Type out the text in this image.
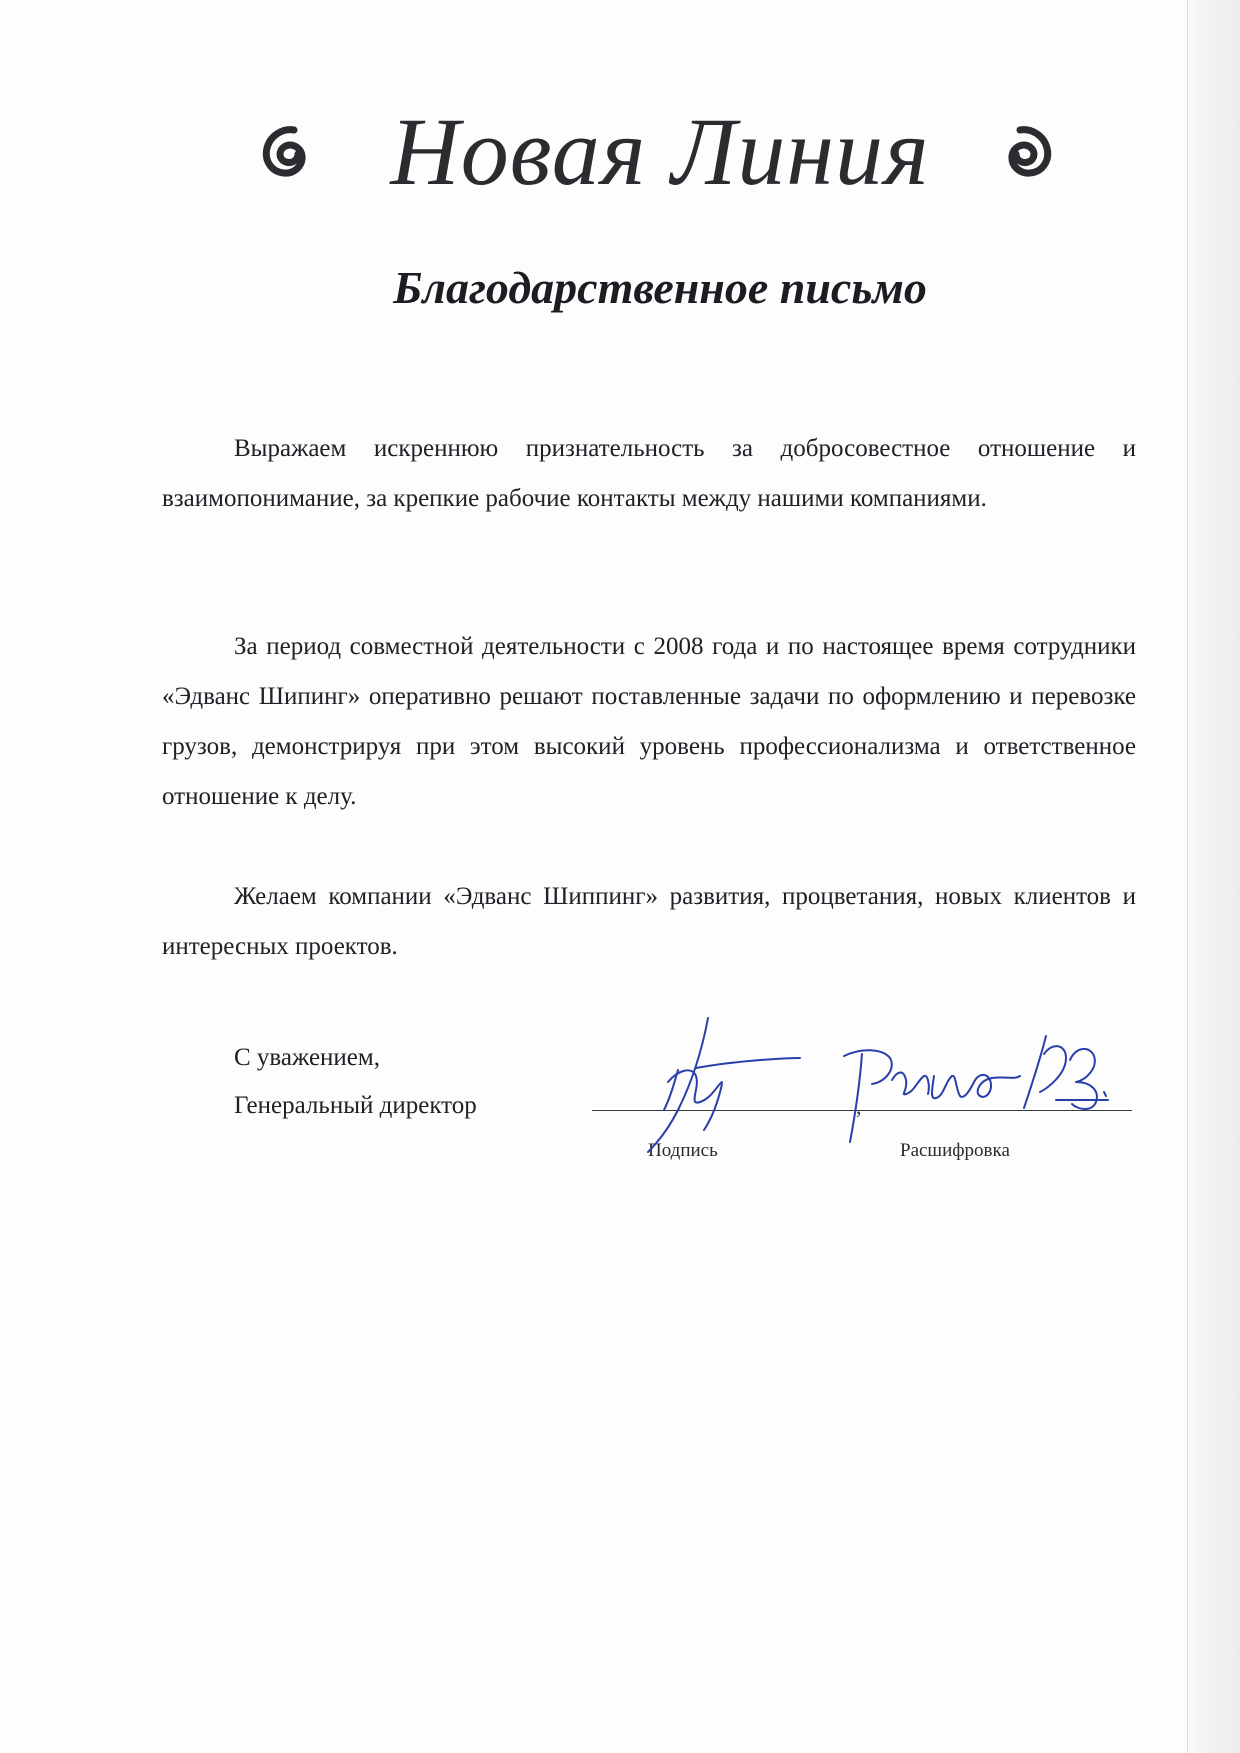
Новая Линия
Благодарственное письмо
Выражаем искреннюю признательность за добросовестное отношение и взаимопонимание, за крепкие рабочие контакты между нашими компаниями.
За период совместной деятельности с 2008 года и по настоящее время сотрудники «Эдванс Шипинг» оперативно решают поставленные задачи по оформлению и перевозке грузов, демонстрируя при этом высокий уровень профессионализма и ответственное отношение к делу.
Желаем компании «Эдванс Шиппинг» развития, процветания, новых клиентов и интересных проектов.
С уважением,
Генеральный директор	,
Подпись	Расшифровка
